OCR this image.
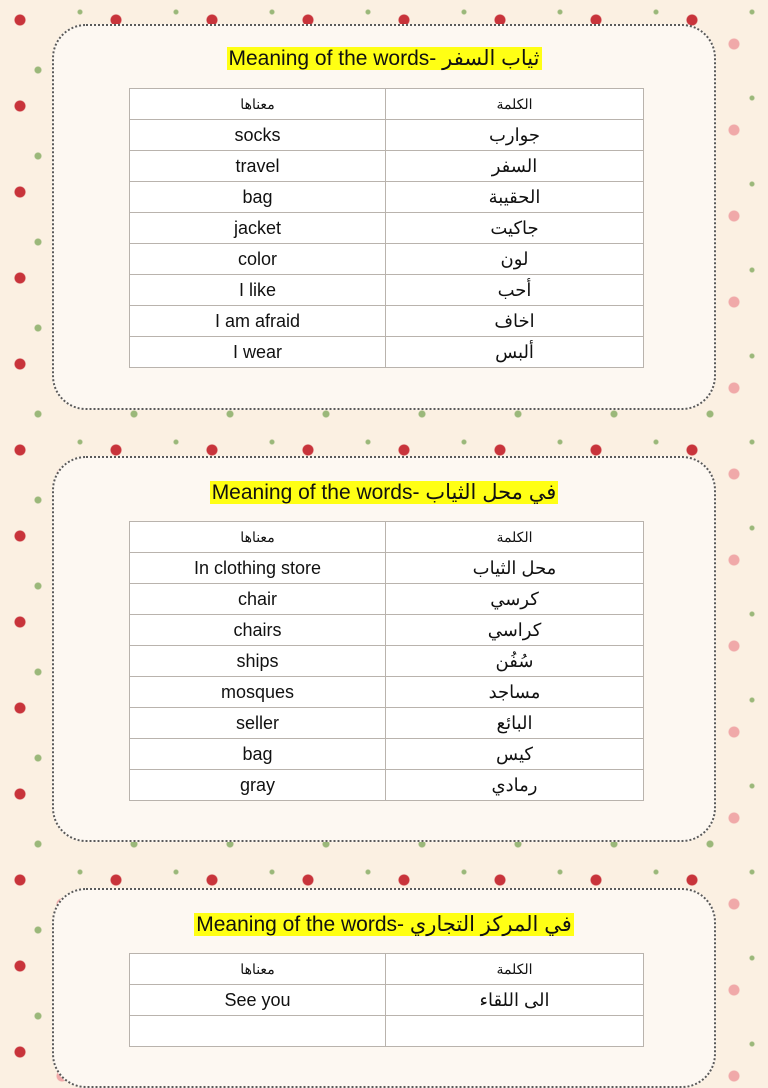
Meaning of the words- ثياب السفر
معناها	الكلمة
socks	جوارب
travel	السفر
bag	الحقيبة
jacket	جاكيت
color	لون
I like	أحب
I am afraid	اخاف
I wear	ألبس
Meaning of the words- في محل الثياب
معناها	الكلمة
In clothing store	محل الثياب
chair	كرسي
chairs	كراسي
ships	سُفُن
mosques	مساجد
seller	البائع
bag	كيس
gray	رمادي
Meaning of the words- في المركز التجاري
معناها	الكلمة
See you	الى اللقاء
